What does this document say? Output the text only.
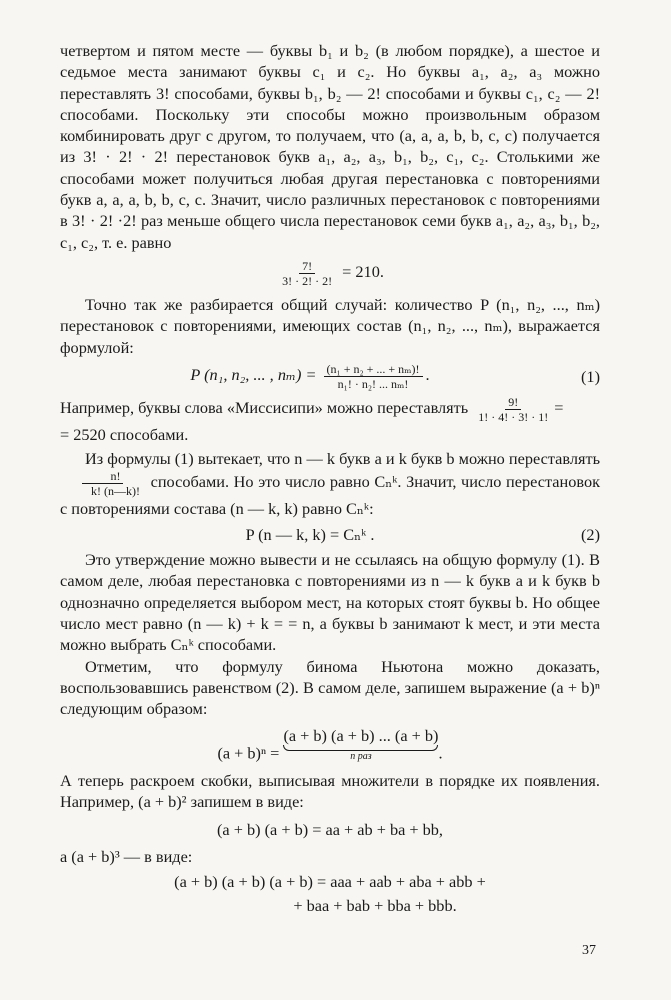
четвертом и пятом месте — буквы b₁ и b₂ (в любом порядке), а шестое и седьмое места занимают буквы c₁ и c₂. Но буквы a₁, a₂, a₃ можно переставлять 3! способами, буквы b₁, b₂ — 2! способами и буквы c₁, c₂ — 2! способами. Поскольку эти способы можно произвольным образом комбинировать друг с другом, то получаем, что (a, a, a, b, b, c, c) получается из 3! · 2! · 2! перестановок букв a₁, a₂, a₃, b₁, b₂, c₁, c₂. Столькими же способами может получиться любая другая перестановка с повторениями букв a, a, a, b, b, c, c. Значит, число различных перестановок с повторениями в 3! · 2! ·2! раз меньше общего числа перестановок семи букв a₁, a₂, a₃, b₁, b₂, c₁, c₂, т. е. равно

$\frac{7!}{3! \cdot 2! \cdot 2!} = 210$.

Точно так же разбирается общий случай: количество P (n₁, n₂, ..., nₘ) перестановок с повторениями, имеющих состав (n₁, n₂, ..., nₘ), выражается формулой:

P (n₁, n₂, ... , $n_m) = \frac{\text{(n₁ + n₂ + ... + nₘ)!}}{\text{n₁! · n₂! ... nₘ!}}$ .	(1)

Например, буквы слова «Миссисипи» можно переставлять $\frac{9!}{1! \cdot 4! \cdot 3! \cdot 1!}$ =
= 2520 способами.

Из формулы (1) вытекает, что n — k букв a и k букв b можно переставлять
$\frac{n!}{k! (n—k)!}$ способами. Но это число равно Cₙᵏ. Значит, число перестановок с повторениями состава (n — k, k) равно Cₙᵏ:

P (n — k, k) = Cₙᵏ .	(2)

Это утверждение можно вывести и не ссылаясь на общую формулу (1). В самом деле, любая перестановка с повторениями из n — k букв a и k букв b однозначно определяется выбором мест, на которых стоят буквы b. Но общее число мест равно (n — k) + k = = n, а буквы b занимают k мест, и эти места можно выбрать Cₙᵏ способами.

Отметим, что формулу бинома Ньютона можно доказать, воспользовавшись равенством (2). В самом деле, запишем выражение (a + b)ⁿ следующим образом:

(a + b)ⁿ = (a + b) (a + b) ... (a + b)
n раз	.

А теперь раскроем скобки, выписывая множители в порядке их появления. Например, (a + b)² запишем в виде:

(a + b) (a + b) = aa + ab + ba + bb,

а (a + b)³ — в виде:

(a + b) (a + b) (a + b) = aaa + aab + aba + abb +
+ baa + bab + bba + bbb.
37
